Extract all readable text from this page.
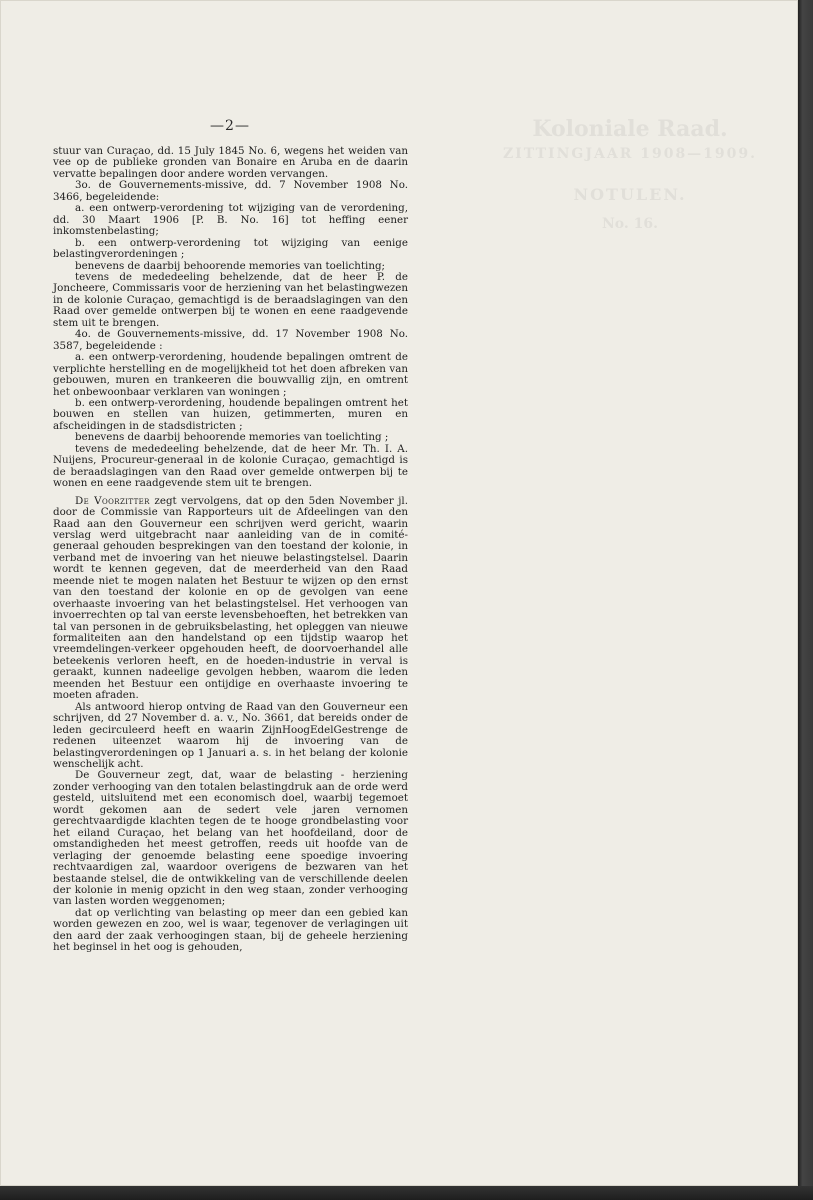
—2—	Koloniale Raad.
ZITTINGJAAR 1908—1909.
NOTULEN.
No. 16.

stuur van Curaçao, dd. 15 July 1845 No. 6, wegens het weiden van vee op de publieke gronden van Bonaire en Aruba en de daarin vervatte bepalingen door andere worden vervangen.

3o. de Gouvernements-missive, dd. 7 November 1908 No. 3466, begeleidende:

a. een ontwerp-verordening tot wijziging van de verordening, dd. 30 Maart 1906 [P. B. No. 16] tot heffing eener inkomstenbelasting;

b. een ontwerp-verordening tot wijziging van eenige belastingverordeningen ;

benevens de daarbij behoorende memories van toelichting;

tevens de mededeeling behelzende, dat de heer P. de Joncheere, Commissaris voor de herziening van het belastingwezen in de kolonie Curaçao, gemachtigd is de beraadslagingen van den Raad over gemelde ontwerpen bij te wonen en eene raadgevende stem uit te brengen.

4o. de Gouvernements-missive, dd. 17 November 1908 No. 3587, begeleidende :

a. een ontwerp-verordening, houdende bepalingen omtrent de verplichte herstelling en de mogelijkheid tot het doen afbreken van gebouwen, muren en trankeeren die bouwvallig zijn, en omtrent het onbewoonbaar verklaren van woningen ;

b. een ontwerp-verordening, houdende bepalingen omtrent het bouwen en stellen van huizen, getimmerten, muren en afscheidingen in de stadsdistricten ;

benevens de daarbij behoorende memories van toelichting ;

tevens de mededeeling behelzende, dat de heer Mr. Th. I. A. Nuijens, Procureur-generaal in de kolonie Curaçao, gemachtigd is de beraadslagingen van den Raad over gemelde ontwerpen bij te wonen en eene raadgevende stem uit te brengen.

De Voorzitter zegt vervolgens, dat op den 5den November jl. door de Commissie van Rapporteurs uit de Afdeelingen van den Raad aan den Gouverneur een schrijven werd gericht, waarin verslag werd uitgebracht naar aanleiding van de in comité-generaal gehouden besprekingen van den toestand der kolonie, in verband met de invoering van het nieuwe belastingstelsel. Daarin wordt te kennen gegeven, dat de meerderheid van den Raad meende niet te mogen nalaten het Bestuur te wijzen op den ernst van den toestand der kolonie en op de gevolgen van eene overhaaste invoering van het belastingstelsel. Het verhoogen van invoerrechten op tal van eerste levensbehoeften, het betrekken van tal van personen in de gebruiksbelasting, het opleggen van nieuwe formaliteiten aan den handelstand op een tijdstip waarop het vreemdelingen-verkeer opgehouden heeft, de doorvoerhandel alle beteekenis verloren heeft, en de hoeden-industrie in verval is geraakt, kunnen nadeelige gevolgen hebben, waarom die leden meenden het Bestuur een ontijdige en overhaaste invoering te moeten afraden.

Als antwoord hierop ontving de Raad van den Gouverneur een schrijven, dd 27 November d. a. v., No. 3661, dat bereids onder de leden gecirculeerd heeft en waarin ZijnHoogEdelGestrenge de redenen uiteenzet waarom hij de invoering van de belastingverordeningen op 1 Januari a. s. in het belang der kolonie wenschelijk acht.

De Gouverneur zegt, dat, waar de belasting - herziening zonder verhooging van den totalen belastingdruk aan de orde werd gesteld, uitsluitend met een economisch doel, waarbij tegemoet wordt gekomen aan de sedert vele jaren vernomen gerechtvaardigde klachten tegen de te hooge grondbelasting voor het eiland Curaçao, het belang van het hoofdeiland, door de omstandigheden het meest getroffen, reeds uit hoofde van de verlaging der genoemde belasting eene spoedige invoering rechtvaardigen zal, waardoor overigens de bezwaren van het bestaande stelsel, die de ontwikkeling van de verschillende deelen der kolonie in menig opzicht in den weg staan, zonder verhooging van lasten worden weggenomen;

dat op verlichting van belasting op meer dan een gebied kan worden gewezen en zoo, wel is waar, tegenover de verlagingen uit den aard der zaak verhoogingen staan, bij de geheele herziening het beginsel in het oog is gehouden,
